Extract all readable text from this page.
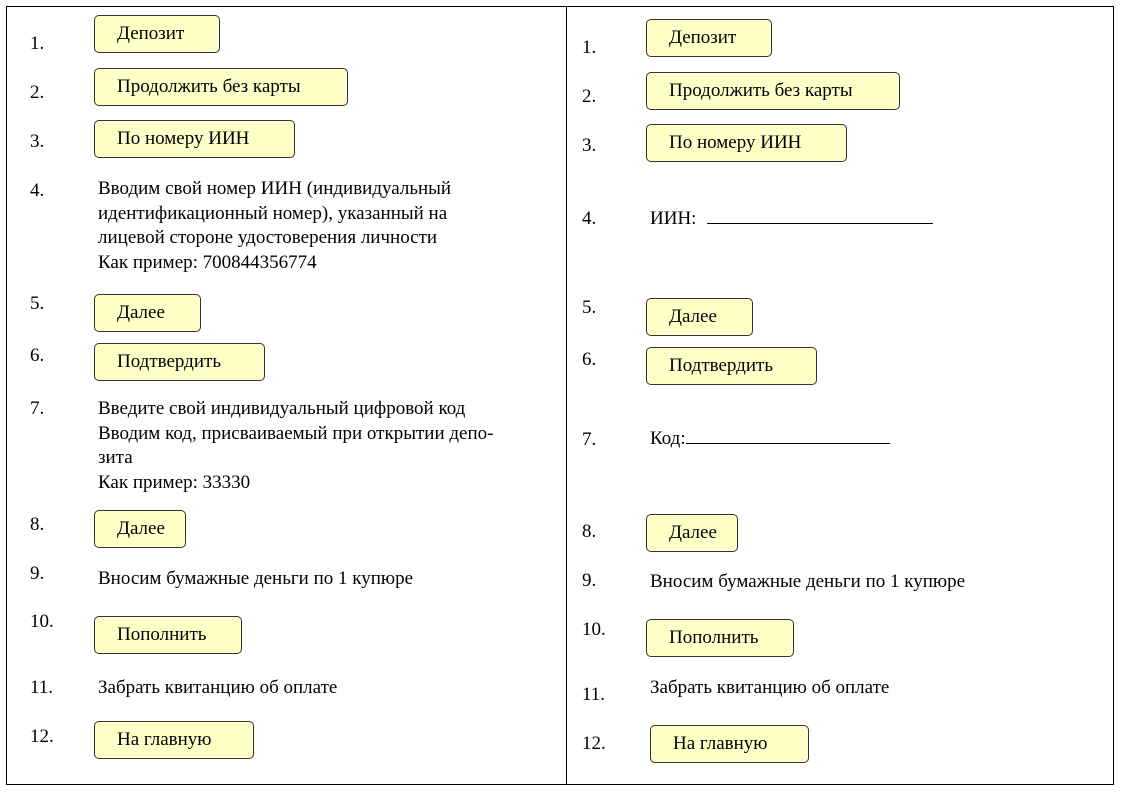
1.	Депозит
2.	Продолжить без карты
3.	По номеру ИИН
4.	Вводим свой номер ИИН (индивидуальный
идентификационный номер), указанный на
лицевой стороне удостоверения личности
Как пример: 700844356774
5.	Далее
6.	Подтвердить
7.	Введите свой индивидуальный цифровой код
Вводим код, присваиваемый при открытии депо-
зита
Как пример: 33330
8.	Далее
9.	Вносим бумажные деньги по 1 купюре
10.
Пополнить
11. Забрать квитанцию об оплате
12.	На главную
1.	Депозит
2.	Продолжить без карты
3.	По номеру ИИН
4.	ИИН:
5.	Далее
6.	Подтвердить
7.	Код:
8.	Далее
9.	Вносим бумажные деньги по 1 купюре
10.	Пополнить
11. Забрать квитанцию об оплате
12.	На главную
